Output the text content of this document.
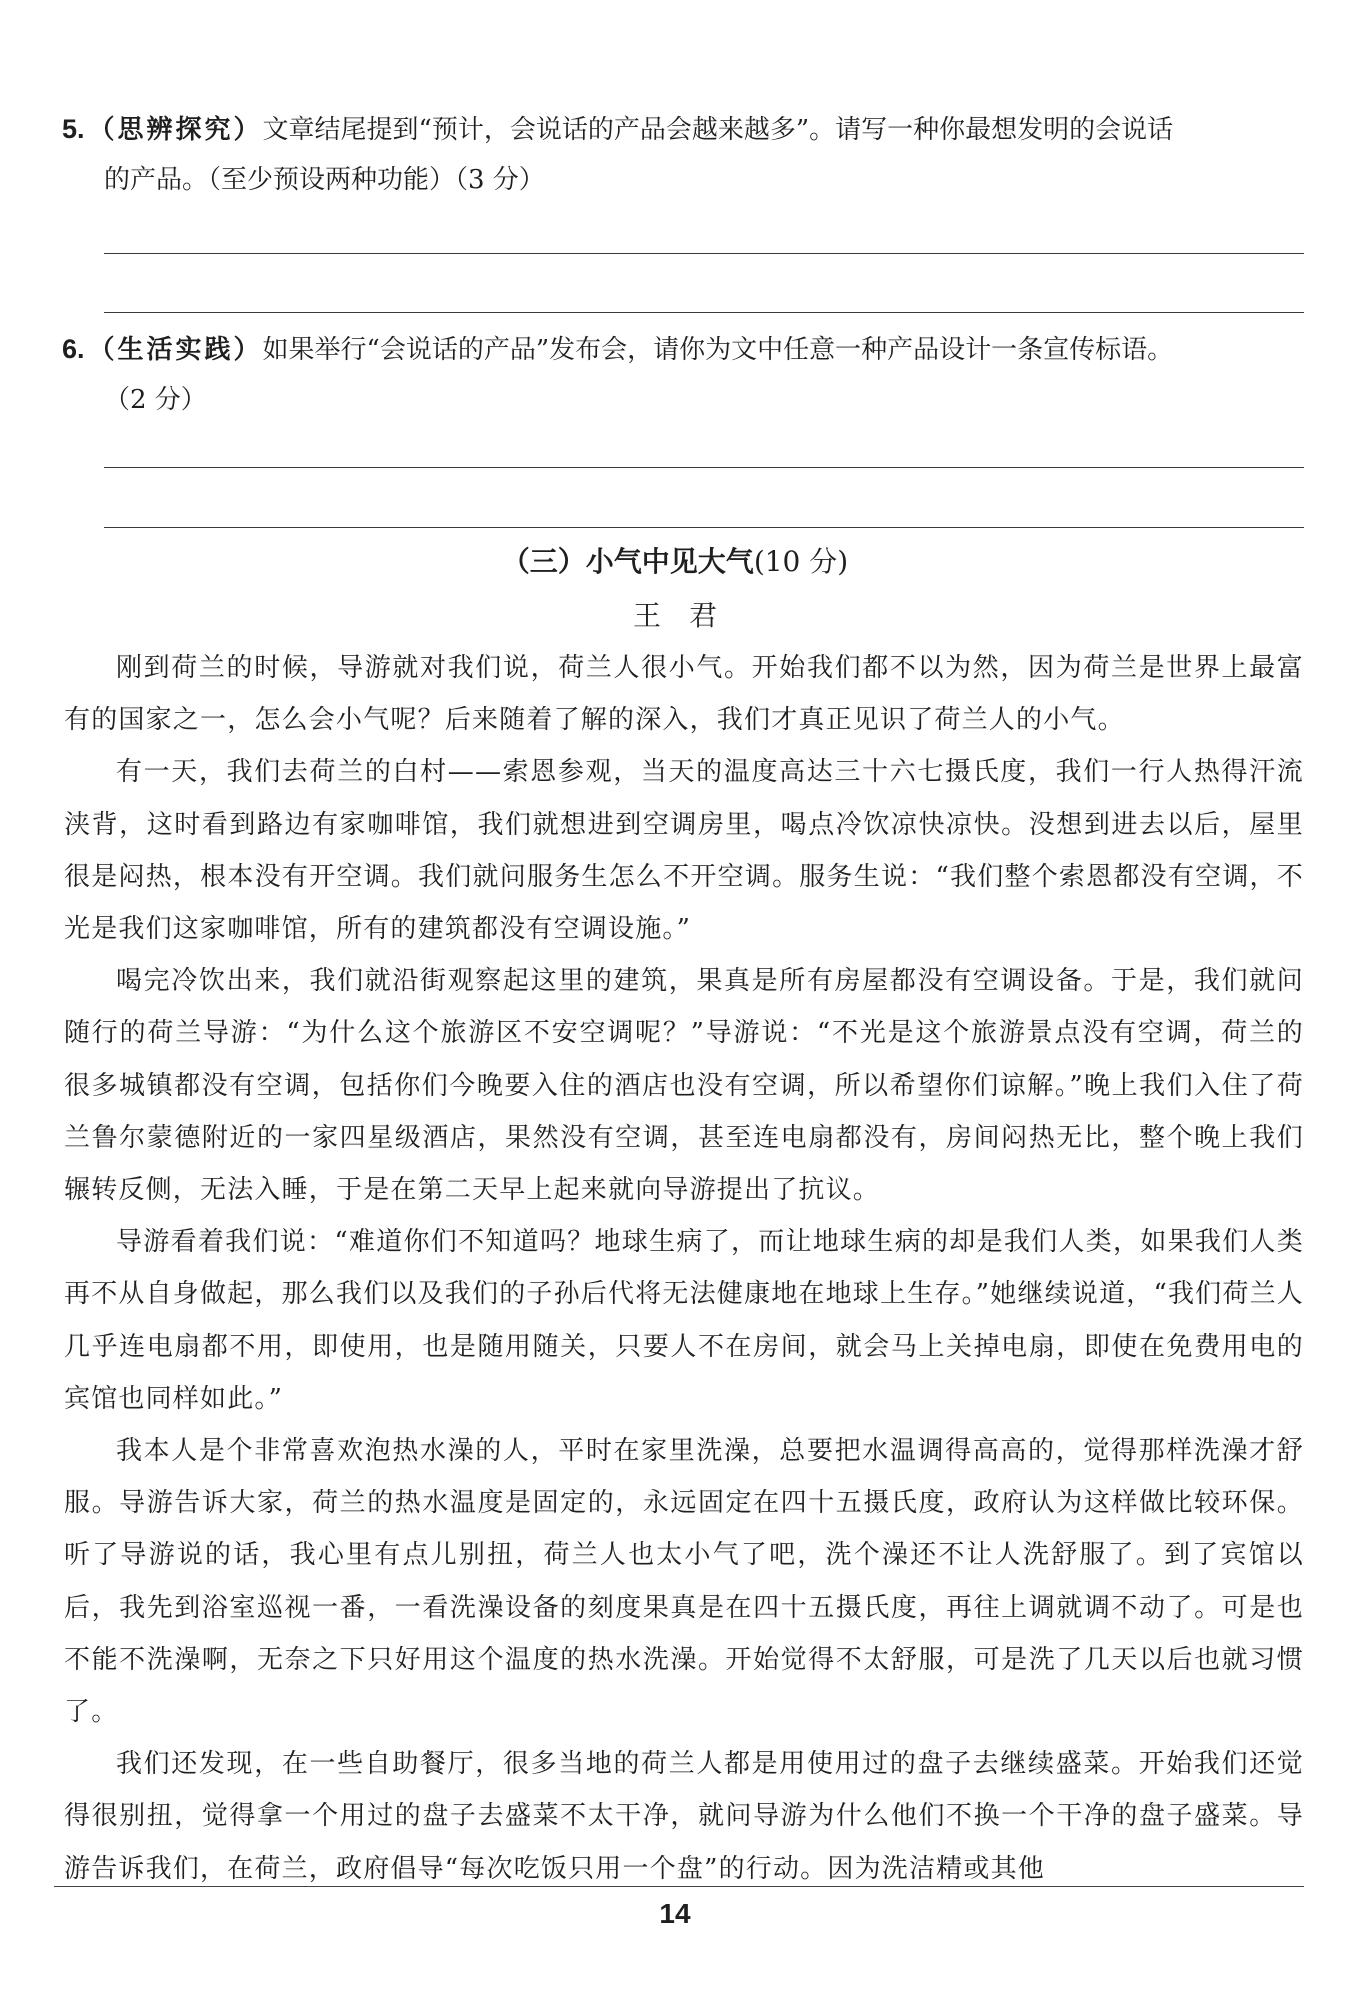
5. （思辨探究）文章结尾提到“预计，会说话的产品会越来越多”。请写一种你最想发明的会说话
的产品。（至少预设两种功能）（3 分）
6. （生活实践）如果举行“会说话的产品”发布会，请你为文中任意一种产品设计一条宣传标语。
（2 分）
（三）小气中见大气(10 分)
王君

刚到荷兰的时候，导游就对我们说，荷兰人很小气。开始我们都不以为然，因为荷兰是世界上最富有的国家之一，怎么会小气呢？后来随着了解的深入，我们才真正见识了荷兰人的小气。

有一天，我们去荷兰的白村——索恩参观，当天的温度高达三十六七摄氏度，我们一行人热得汗流浃背，这时看到路边有家咖啡馆，我们就想进到空调房里，喝点冷饮凉快凉快。没想到进去以后，屋里很是闷热，根本没有开空调。我们就问服务生怎么不开空调。服务生说：“我们整个索恩都没有空调，不光是我们这家咖啡馆，所有的建筑都没有空调设施。”

喝完冷饮出来，我们就沿街观察起这里的建筑，果真是所有房屋都没有空调设备。于是，我们就问随行的荷兰导游：“为什么这个旅游区不安空调呢？”导游说：“不光是这个旅游景点没有空调，荷兰的很多城镇都没有空调，包括你们今晚要入住的酒店也没有空调，所以希望你们谅解。”晚上我们入住了荷兰鲁尔蒙德附近的一家四星级酒店，果然没有空调，甚至连电扇都没有，房间闷热无比，整个晚上我们辗转反侧，无法入睡，于是在第二天早上起来就向导游提出了抗议。

导游看着我们说：“难道你们不知道吗？地球生病了，而让地球生病的却是我们人类，如果我们人类再不从自身做起，那么我们以及我们的子孙后代将无法健康地在地球上生存。”她继续说道，“我们荷兰人几乎连电扇都不用，即使用，也是随用随关，只要人不在房间，就会马上关掉电扇，即使在免费用电的宾馆也同样如此。”

我本人是个非常喜欢泡热水澡的人，平时在家里洗澡，总要把水温调得高高的，觉得那样洗澡才舒服。导游告诉大家，荷兰的热水温度是固定的，永远固定在四十五摄氏度，政府认为这样做比较环保。听了导游说的话，我心里有点儿别扭，荷兰人也太小气了吧，洗个澡还不让人洗舒服了。到了宾馆以后，我先到浴室巡视一番，一看洗澡设备的刻度果真是在四十五摄氏度，再往上调就调不动了。可是也不能不洗澡啊，无奈之下只好用这个温度的热水洗澡。开始觉得不太舒服，可是洗了几天以后也就习惯了。

我们还发现，在一些自助餐厅，很多当地的荷兰人都是用使用过的盘子去继续盛菜。开始我们还觉得很别扭，觉得拿一个用过的盘子去盛菜不太干净，就问导游为什么他们不换一个干净的盘子盛菜。导游告诉我们，在荷兰，政府倡导“每次吃饭只用一个盘”的行动。因为洗洁精或其他

14
